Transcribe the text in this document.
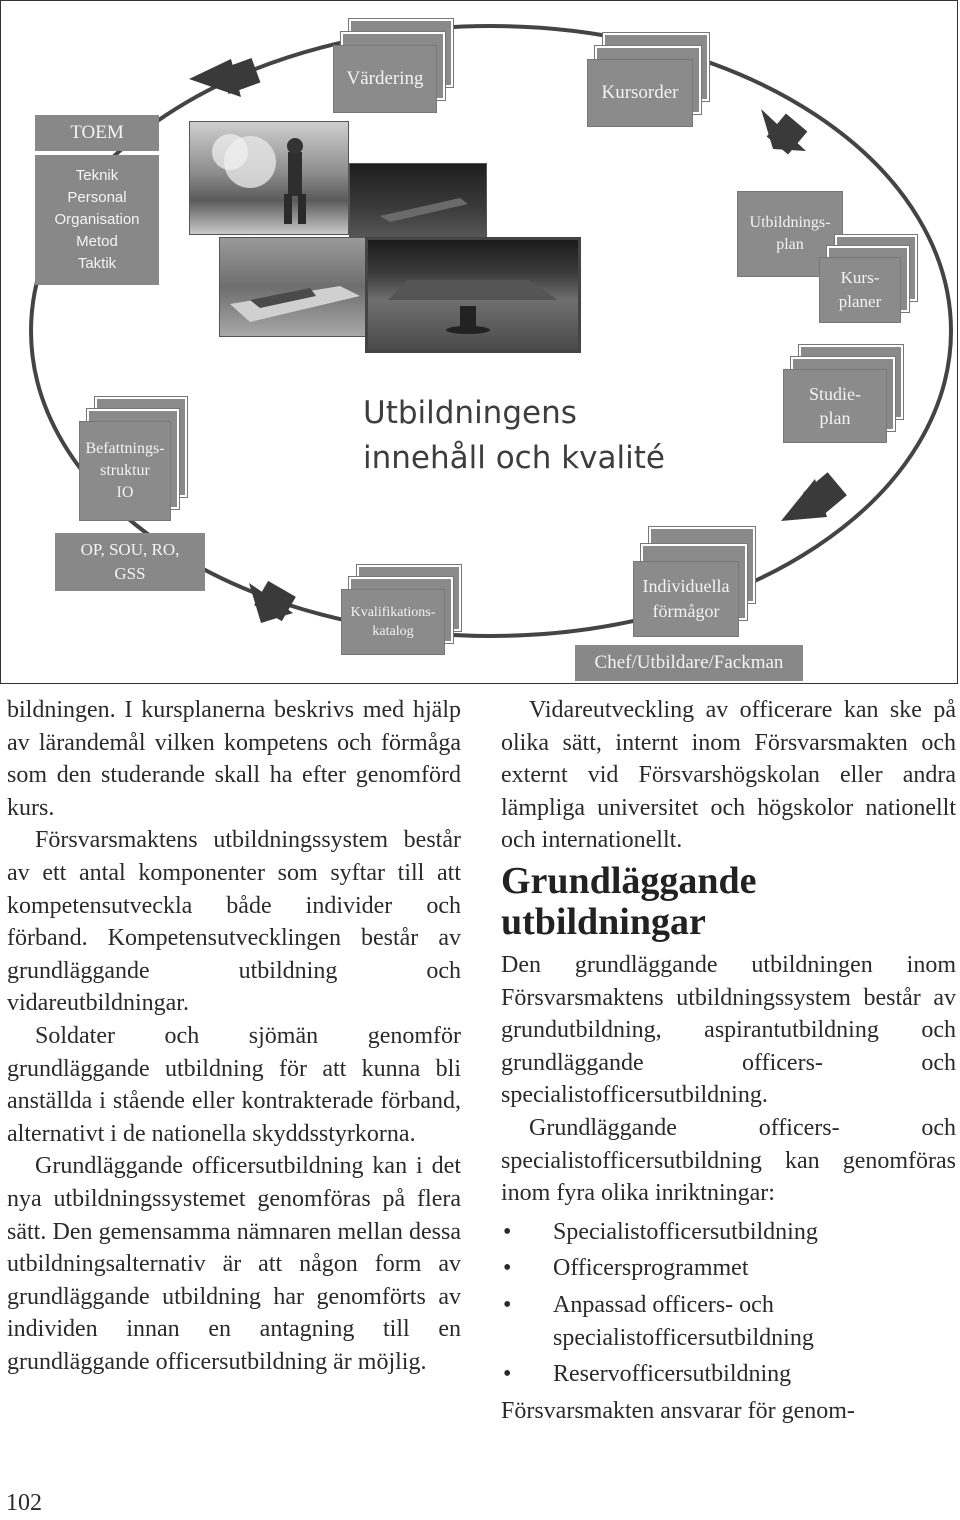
TOEM
Teknik
Personal
Organisation
Metod
Taktik
OP, SOU, RO,
GSS
Chef/Utbildare/Fackman
Utbildningens
innehåll och kvalité
Värdering
Kursorder
Utbildnings-
plan
Kurs-
planer
Studie-
plan
Befattnings-
struktur
IO
Kvalifikations-
katalog
Individuella
förmågor

bildningen. I kursplanerna beskrivs med hjälp av lärandemål vilken kompetens och förmåga som den studerande skall ha efter genomförd kurs.

Försvarsmaktens utbildningssystem består av ett antal komponenter som syftar till att kompetensutveckla både individer och förband. Kompetensutvecklingen består av grundläggande utbildning och vidareutbildningar.

Soldater och sjömän genomför grundläggande utbildning för att kunna bli anställda i stående eller kontrakterade förband, alternativt i de nationella skyddsstyrkorna.

Grundläggande officersutbildning kan i det nya utbildningssystemet genomföras på flera sätt. Den gemensamma nämnaren mellan dessa utbildningsalternativ är att någon form av grundläggande utbildning har genomförts av individen innan en antagning till en grundläggande officersutbildning är möjlig.

Vidareutveckling av officerare kan ske på olika sätt, internt inom Försvarsmakten och externt vid Försvarshögskolan eller andra lämpliga universitet och högskolor nationellt och internationellt.

Grundläggande utbildningar

Den grundläggande utbildningen inom Försvarsmaktens utbildningssystem består av grundutbildning, aspirantutbildning och grundläggande officers- och specialistofficersutbildning.

Grundläggande officers- och specialistofficersutbildning kan genomföras inom fyra olika inriktningar:

• Specialistofficersutbildning
• Officersprogrammet
• Anpassad officers- och specialistofficersutbildning
• Reservofficersutbildning

Försvarsmakten ansvarar för genom-

102
